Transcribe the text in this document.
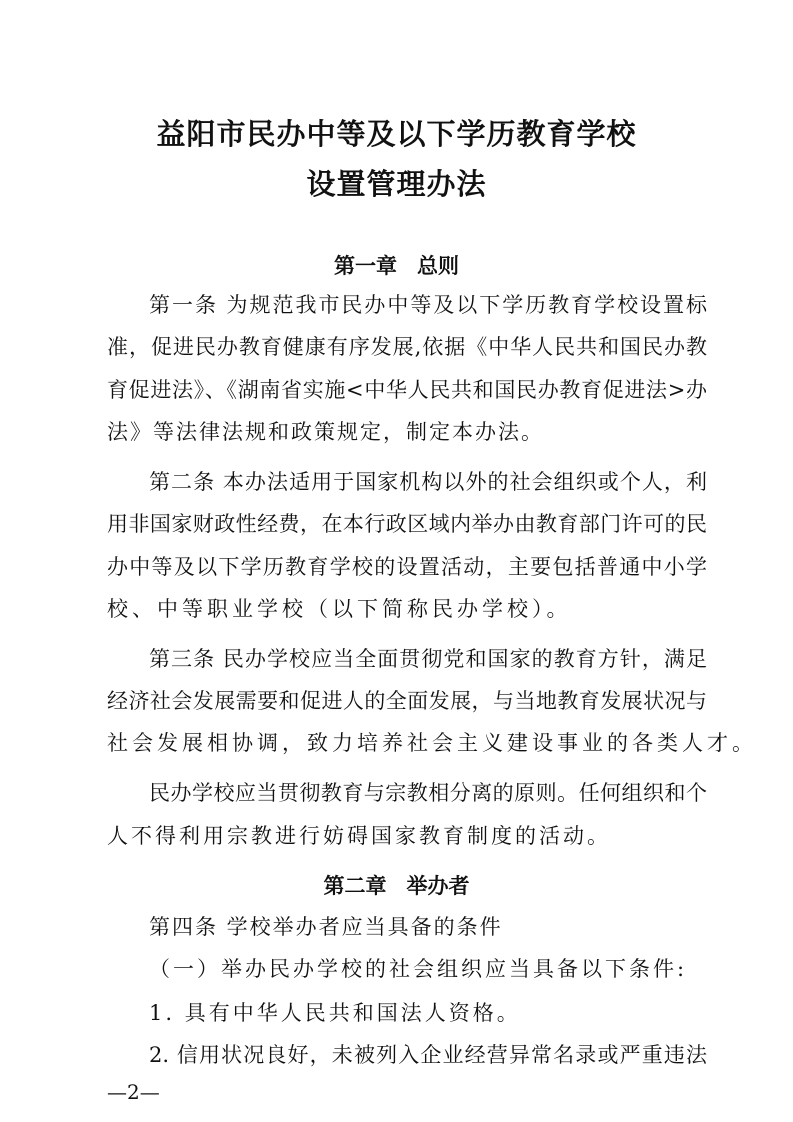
益阳市民办中等及以下学历教育学校
设置管理办法
第一章 总则
第一条 为规范我市民办中等及以下学历教育学校设置标
准，促进民办教育健康有序发展,依据《中华人民共和国民办教
育促进法》、《湖南省实施<中华人民共和国民办教育促进法>办
法》等法律法规和政策规定，制定本办法。
第二条 本办法适用于国家机构以外的社会组织或个人，利
用非国家财政性经费，在本行政区域内举办由教育部门许可的民
办中等及以下学历教育学校的设置活动，主要包括普通中小学
校、中等职业学校（以下简称民办学校）。
第三条 民办学校应当全面贯彻党和国家的教育方针，满足
经济社会发展需要和促进人的全面发展，与当地教育发展状况与
社会发展相协调，致力培养社会主义建设事业的各类人才。
民办学校应当贯彻教育与宗教相分离的原则。任何组织和个
人不得利用宗教进行妨碍国家教育制度的活动。
第二章 举办者
第四条 学校举办者应当具备的条件
（一）举办民办学校的社会组织应当具备以下条件:
1. 具有中华人民共和国法人资格。
2. 信用状况良好，未被列入企业经营异常名录或严重违法
—2—
